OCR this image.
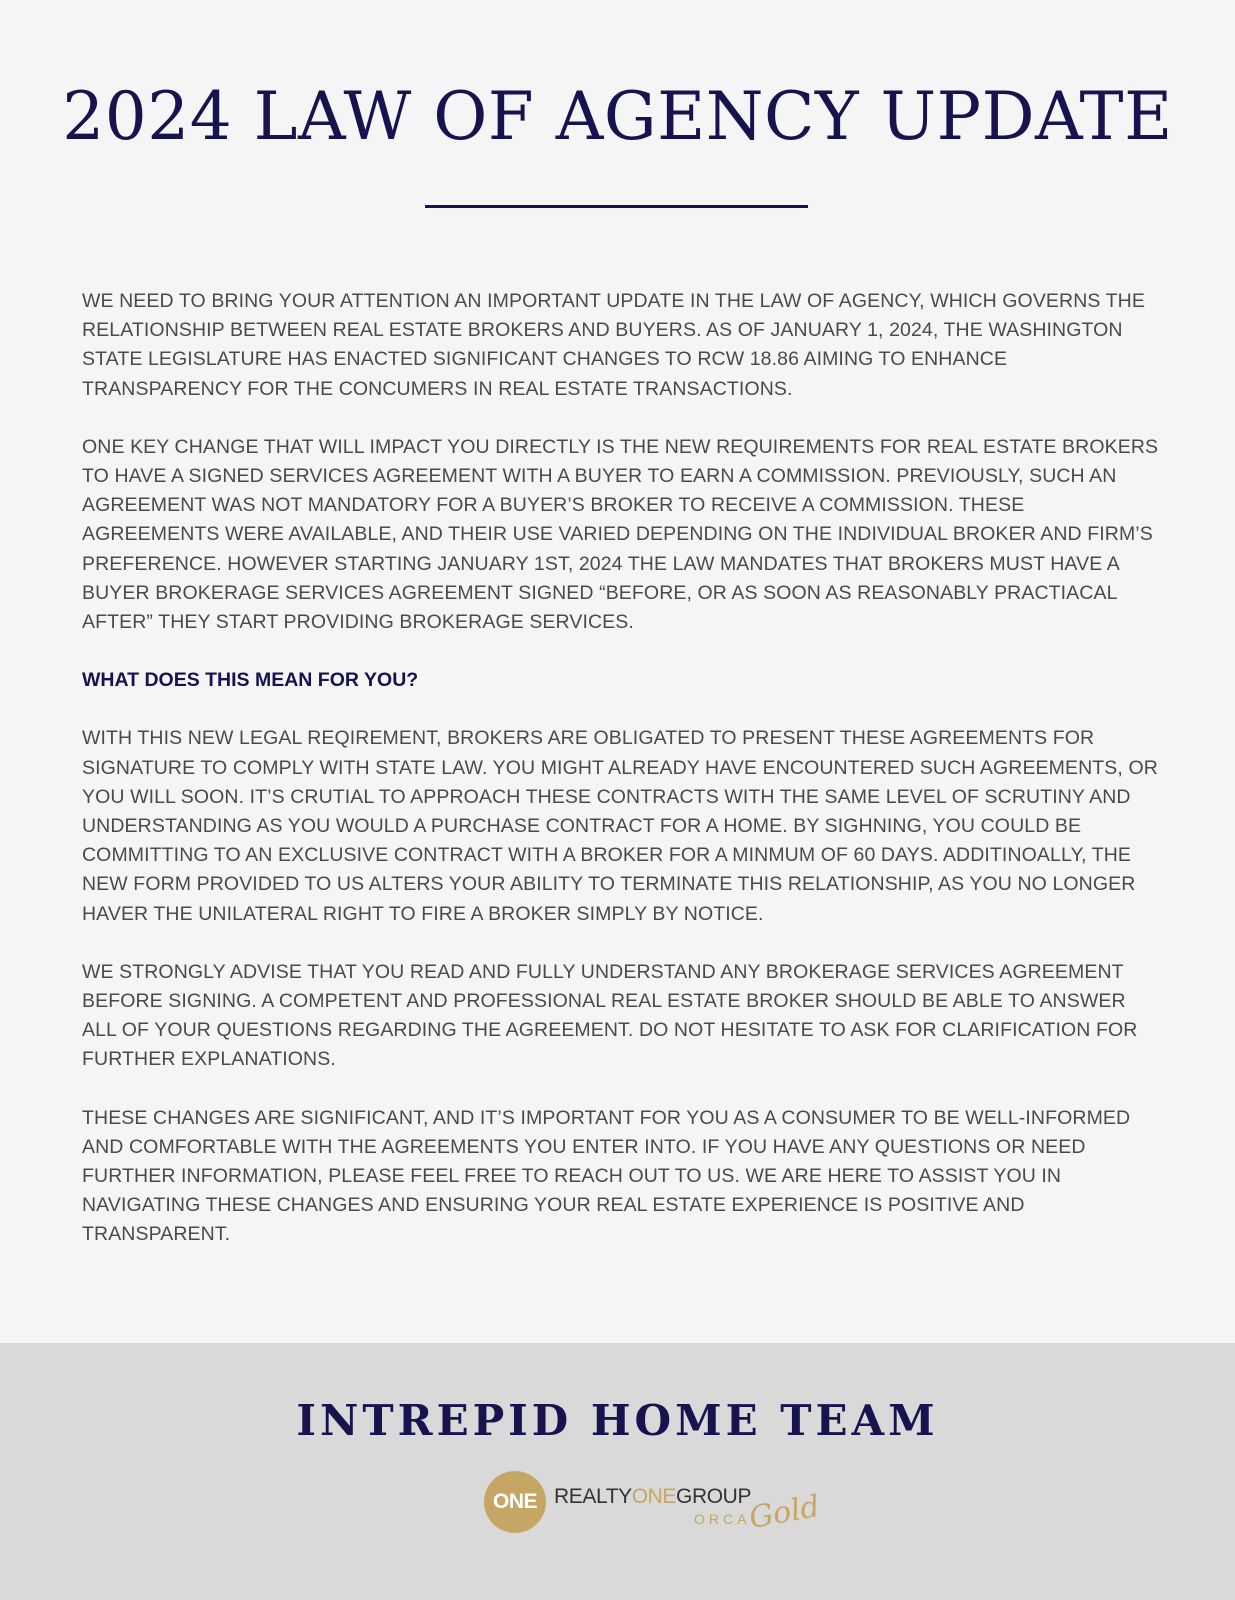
2024 LAW OF AGENCY UPDATE

WE NEED TO BRING YOUR ATTENTION AN IMPORTANT UPDATE IN THE LAW OF AGENCY, WHICH GOVERNS THE RELATIONSHIP BETWEEN REAL ESTATE BROKERS AND BUYERS. AS OF JANUARY 1, 2024, THE WASHINGTON STATE LEGISLATURE HAS ENACTED SIGNIFICANT CHANGES TO RCW 18.86 AIMING TO ENHANCE TRANSPARENCY FOR THE CONCUMERS IN REAL ESTATE TRANSACTIONS.

ONE KEY CHANGE THAT WILL IMPACT YOU DIRECTLY IS THE NEW REQUIREMENTS FOR REAL ESTATE BROKERS TO HAVE A SIGNED SERVICES AGREEMENT WITH A BUYER TO EARN A COMMISSION. PREVIOUSLY, SUCH AN AGREEMENT WAS NOT MANDATORY FOR A BUYER’S BROKER TO RECEIVE A COMMISSION. THESE AGREEMENTS WERE AVAILABLE, AND THEIR USE VARIED DEPENDING ON THE INDIVIDUAL BROKER AND FIRM’S PREFERENCE. HOWEVER STARTING JANUARY 1ST, 2024 THE LAW MANDATES THAT BROKERS MUST HAVE A BUYER BROKERAGE SERVICES AGREEMENT SIGNED “BEFORE, OR AS SOON AS REASONABLY PRACTIACAL AFTER” THEY START PROVIDING BROKERAGE SERVICES.

WHAT DOES THIS MEAN FOR YOU?

WITH THIS NEW LEGAL REQIREMENT, BROKERS ARE OBLIGATED TO PRESENT THESE AGREEMENTS FOR SIGNATURE TO COMPLY WITH STATE LAW. YOU MIGHT ALREADY HAVE ENCOUNTERED SUCH AGREEMENTS, OR YOU WILL SOON. IT’S CRUTIAL TO APPROACH THESE CONTRACTS WITH THE SAME LEVEL OF SCRUTINY AND UNDERSTANDING AS YOU WOULD A PURCHASE CONTRACT FOR A HOME. BY SIGHNING, YOU COULD BE COMMITTING TO AN EXCLUSIVE CONTRACT WITH A BROKER FOR A MINMUM OF 60 DAYS. ADDITINOALLY, THE NEW FORM PROVIDED TO US ALTERS YOUR ABILITY TO TERMINATE THIS RELATIONSHIP, AS YOU NO LONGER HAVER THE UNILATERAL RIGHT TO FIRE A BROKER SIMPLY BY NOTICE.

WE STRONGLY ADVISE THAT YOU READ AND FULLY UNDERSTAND ANY BROKERAGE SERVICES AGREEMENT BEFORE SIGNING. A COMPETENT AND PROFESSIONAL REAL ESTATE BROKER SHOULD BE ABLE TO ANSWER ALL OF YOUR QUESTIONS REGARDING THE AGREEMENT. DO NOT HESITATE TO ASK FOR CLARIFICATION FOR FURTHER EXPLANATIONS.

THESE CHANGES ARE SIGNIFICANT, AND IT’S IMPORTANT FOR YOU AS A CONSUMER TO BE WELL-INFORMED AND COMFORTABLE WITH THE AGREEMENTS YOU ENTER INTO. IF YOU HAVE ANY QUESTIONS OR NEED FURTHER INFORMATION, PLEASE FEEL FREE TO REACH OUT TO US. WE ARE HERE TO ASSIST YOU IN NAVIGATING THESE CHANGES AND ENSURING YOUR REAL ESTATE EXPERIENCE IS POSITIVE AND TRANSPARENT.

INTREPID HOME TEAM

ONE REALTYONEGROUP
ORCA
Gold
